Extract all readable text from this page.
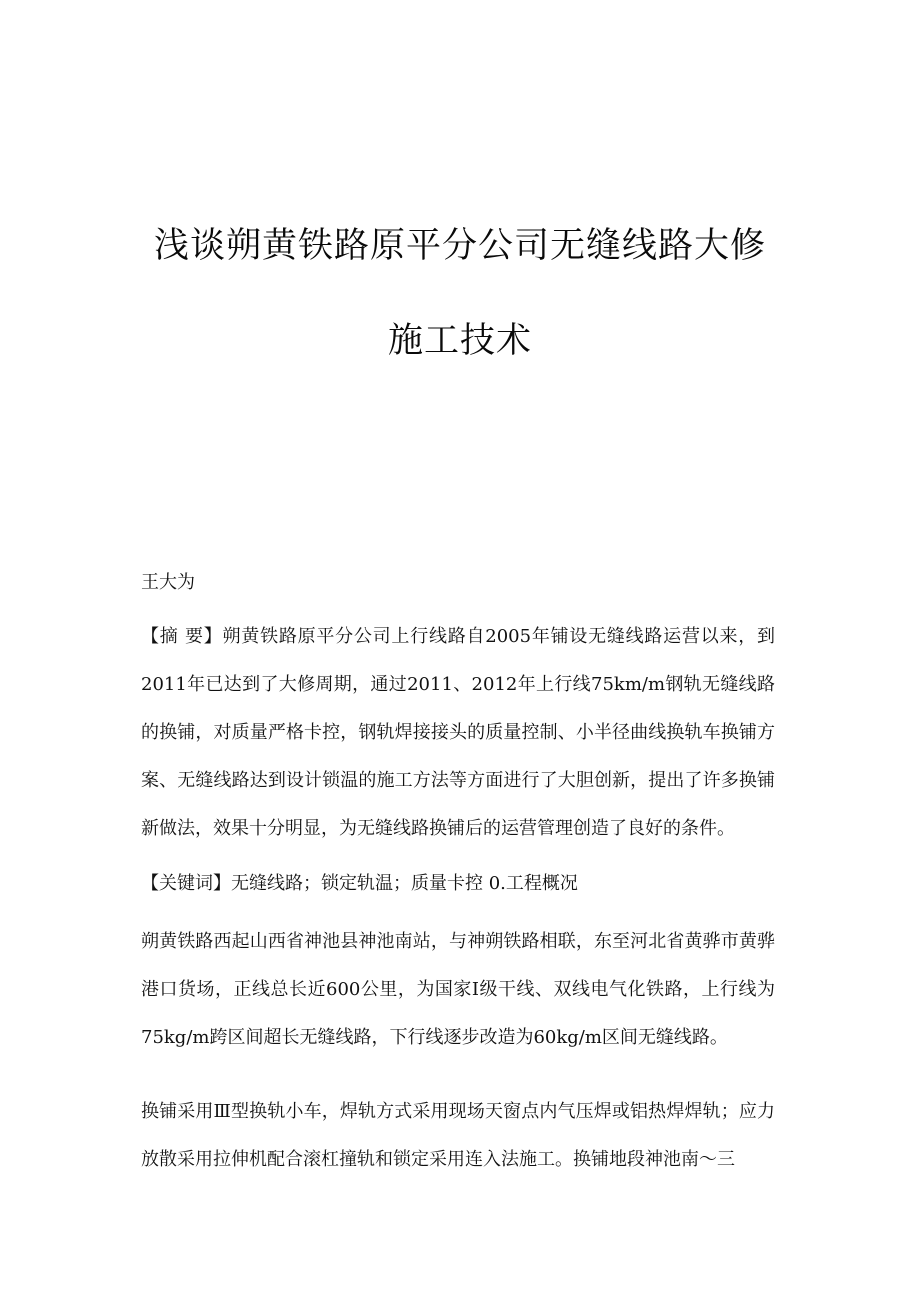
浅谈朔黄铁路原平分公司无缝线路大修
施工技术
王大为
【摘 要】朔黄铁路原平分公司上行线路自2005年铺设无缝线路运营以来，到2011年已达到了大修周期，通过2011、2012年上行线75km/m钢轨无缝线路的换铺，对质量严格卡控，钢轨焊接接头的质量控制、小半径曲线换轨车换铺方案、无缝线路达到设计锁温的施工方法等方面进行了大胆创新，提出了许多换铺新做法，效果十分明显，为无缝线路换铺后的运营管理创造了良好的条件。
【关键词】无缝线路；锁定轨温；质量卡控 0.工程概况
朔黄铁路西起山西省神池县神池南站，与神朔铁路相联，东至河北省黄骅市黄骅港口货场，正线总长近600公里，为国家Ⅰ级干线、双线电气化铁路，上行线为75kg/m跨区间超长无缝线路，下行线逐步改造为60kg/m区间无缝线路。
换铺采用Ⅲ型换轨小车，焊轨方式采用现场天窗点内气压焊或铝热焊焊轨；应力放散采用拉伸机配合滚杠撞轨和锁定采用连入法施工。换铺地段神池南～三
